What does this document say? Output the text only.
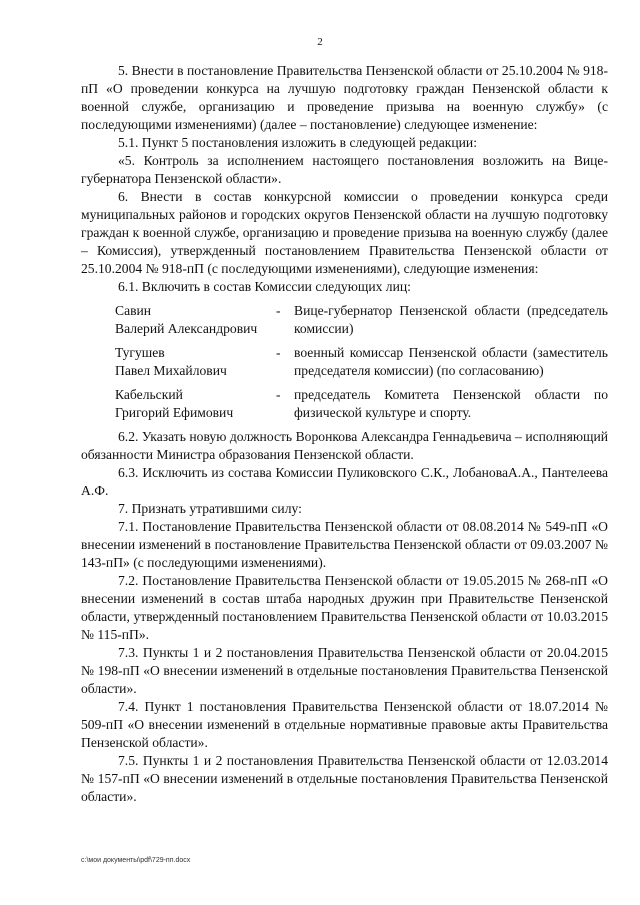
2

5. Внести в постановление Правительства Пензенской области от 25.10.2004 № 918-пП «О проведении конкурса на лучшую подготовку граждан Пензенской области к военной службе, организацию и проведение призыва на военную службу» (с последующими изменениями) (далее – постановление) следующее изменение:

5.1. Пункт 5 постановления изложить в следующей редакции:

«5. Контроль за исполнением настоящего постановления возложить на Вице-губернатора Пензенской области».

6. Внести в состав конкурсной комиссии о проведении конкурса среди муниципальных районов и городских округов Пензенской области на лучшую подготовку граждан к военной службе, организацию и проведение призыва на военную службу (далее – Комиссия), утвержденный постановлением Правительства Пензенской области от 25.10.2004 № 918-пП (с последующими изменениями), следующие изменения:

6.1. Включить в состав Комиссии следующих лиц:

Савин
Валерий Александрович
- Вице-губернатор Пензенской области (председатель комиссии)
Тугушев
Павел Михайлович
- военный комиссар Пензенской области (заместитель председателя комиссии) (по согласованию)
Кабельский
Григорий Ефимович
- председатель Комитета Пензенской области по физической культуре и спорту.

6.2. Указать новую должность Воронкова Александра Геннадьевича – исполняющий обязанности Министра образования Пензенской области.

6.3. Исключить из состава Комиссии Пуликовского С.К., ЛобановаА.А., Пантелеева А.Ф.

7. Признать утратившими силу:

7.1. Постановление Правительства Пензенской области от 08.08.2014 № 549-пП «О внесении изменений в постановление Правительства Пензенской области от 09.03.2007 № 143-пП» (с последующими изменениями).

7.2. Постановление Правительства Пензенской области от 19.05.2015 № 268-пП «О внесении изменений в состав штаба народных дружин при Правительстве Пензенской области, утвержденный постановлением Правительства Пензенской области от 10.03.2015 № 115-пП».

7.3. Пункты 1 и 2 постановления Правительства Пензенской области от 20.04.2015 № 198-пП «О внесении изменений в отдельные постановления Правительства Пензенской области».

7.4. Пункт 1 постановления Правительства Пензенской области от 18.07.2014 № 509-пП «О внесении изменений в отдельные нормативные правовые акты Правительства Пензенской области».

7.5. Пункты 1 и 2 постановления Правительства Пензенской области от 12.03.2014 № 157-пП «О внесении изменений в отдельные постановления Правительства Пензенской области».

c:\мои документы\pdf\729-пп.docx
